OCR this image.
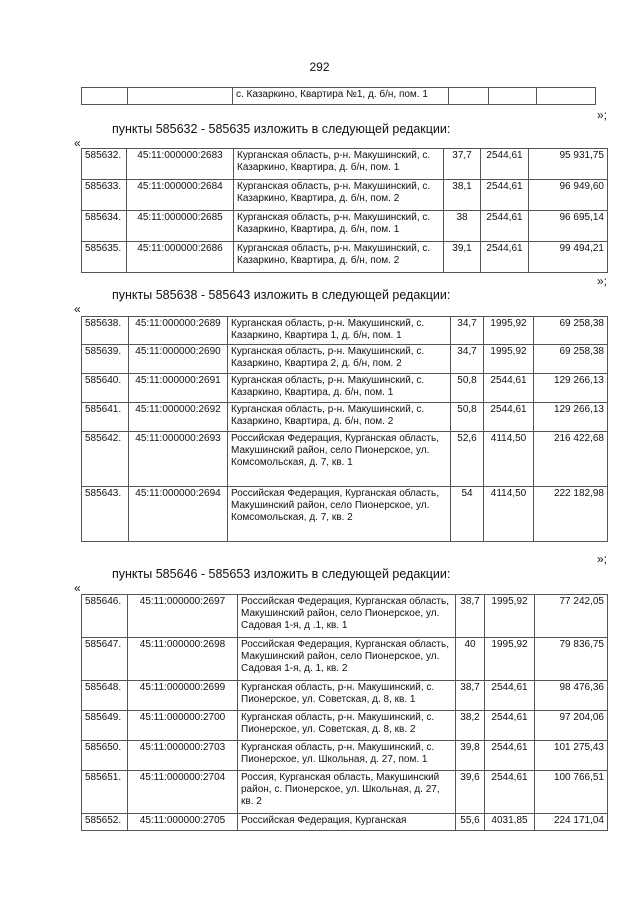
292
		с. Казаркино, Квартира №1, д. б/н, пом. 1			
»;
пункты 585632 - 585635 изложить в следующей редакции:
«
585632.	45:11:000000:2683	Курганская область, р-н. Макушинский, с. Казаркино, Квартира, д. б/н, пом. 1	37,7	2544,61	95 931,75
585633.	45:11:000000:2684	Курганская область, р-н. Макушинский, с. Казаркино, Квартира, д. б/н, пом. 2	38,1	2544,61	96 949,60
585634.	45:11:000000:2685	Курганская область, р-н. Макушинский, с. Казаркино, Квартира, д. б/н, пом. 1	38	2544,61	96 695,14
585635.	45:11:000000:2686	Курганская область, р-н. Макушинский, с. Казаркино, Квартира, д. б/н, пом. 2	39,1	2544,61	99 494,21
»;
пункты 585638 - 585643 изложить в следующей редакции:
«
585638.	45:11:000000:2689	Курганская область, р-н. Макушинский, с. Казаркино, Квартира 1, д. б/н, пом. 1	34,7	1995,92	69 258,38
585639.	45:11:000000:2690	Курганская область, р-н. Макушинский, с. Казаркино, Квартира 2, д. б/н, пом. 2	34,7	1995,92	69 258,38
585640.	45:11:000000:2691	Курганская область, р-н. Макушинский, с. Казаркино, Квартира, д. б/н, пом. 1	50,8	2544,61	129 266,13
585641.	45:11:000000:2692	Курганская область, р-н. Макушинский, с. Казаркино, Квартира, д. б/н, пом. 2	50,8	2544,61	129 266,13
585642.	45:11:000000:2693	Российская Федерация, Курганская область, Макушинский район, село Пионерское, ул. Комсомольская, д. 7, кв. 1	52,6	4114,50	216 422,68
585643.	45:11:000000:2694	Российская Федерация, Курганская область, Макушинский район, село Пионерское, ул. Комсомольская, д. 7, кв. 2	54	4114,50	222 182,98
»;
пункты 585646 - 585653 изложить в следующей редакции:
«
585646.	45:11:000000:2697	Российская Федерация, Курганская область, Макушинский район, село Пионерское, ул. Садовая 1-я, д .1, кв. 1	38,7	1995,92	77 242,05
585647.	45:11:000000:2698	Российская Федерация, Курганская область, Макушинский район, село Пионерское, ул. Садовая 1-я, д. 1, кв. 2	40	1995,92	79 836,75
585648.	45:11:000000:2699	Курганская область, р-н. Макушинский, с. Пионерское, ул. Советская, д. 8, кв. 1	38,7	2544,61	98 476,36
585649.	45:11:000000:2700	Курганская область, р-н. Макушинский, с. Пионерское, ул. Советская, д. 8, кв. 2	38,2	2544,61	97 204,06
585650.	45:11:000000:2703	Курганская область, р-н. Макушинский, с. Пионерское, ул. Школьная, д. 27, пом. 1	39,8	2544,61	101 275,43
585651.	45:11:000000:2704	Россия, Курганская область, Макушинский район, с. Пионерское, ул. Школьная, д. 27, кв. 2	39,6	2544,61	100 766,51
585652.	45:11:000000:2705	Российская Федерация, Курганская	55,6	4031,85	224 171,04
